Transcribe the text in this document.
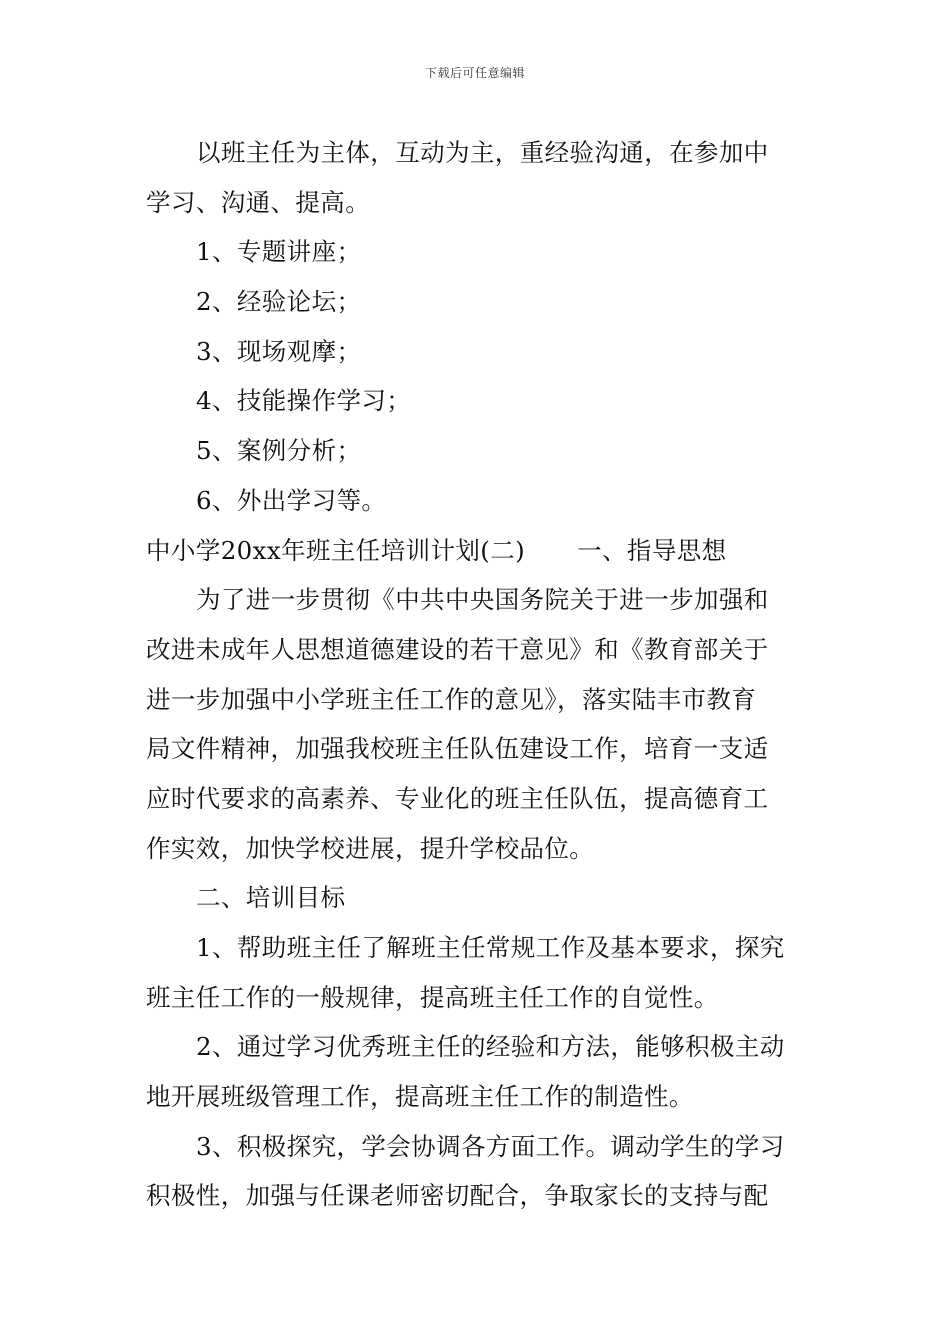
下载后可任意编辑
以班主任为主体，互动为主，重经验沟通，在参加中
学习、沟通、提高。
1、专题讲座；
2、经验论坛；
3、现场观摩；
4、技能操作学习；
5、案例分析；
6、外出学习等。
中小学20xx年班主任培训计划(二) 一、指导思想
为了进一步贯彻《中共中央国务院关于进一步加强和
改进未成年人思想道德建设的若干意见》和《教育部关于
进一步加强中小学班主任工作的意见》，落实陆丰市教育
局文件精神，加强我校班主任队伍建设工作，培育一支适
应时代要求的高素养、专业化的班主任队伍，提高德育工
作实效，加快学校进展，提升学校品位。
二、培训目标
1、帮助班主任了解班主任常规工作及基本要求，探究
班主任工作的一般规律，提高班主任工作的自觉性。
2、通过学习优秀班主任的经验和方法，能够积极主动
地开展班级管理工作，提高班主任工作的制造性。
3、积极探究，学会协调各方面工作。调动学生的学习
积极性，加强与任课老师密切配合，争取家长的支持与配
